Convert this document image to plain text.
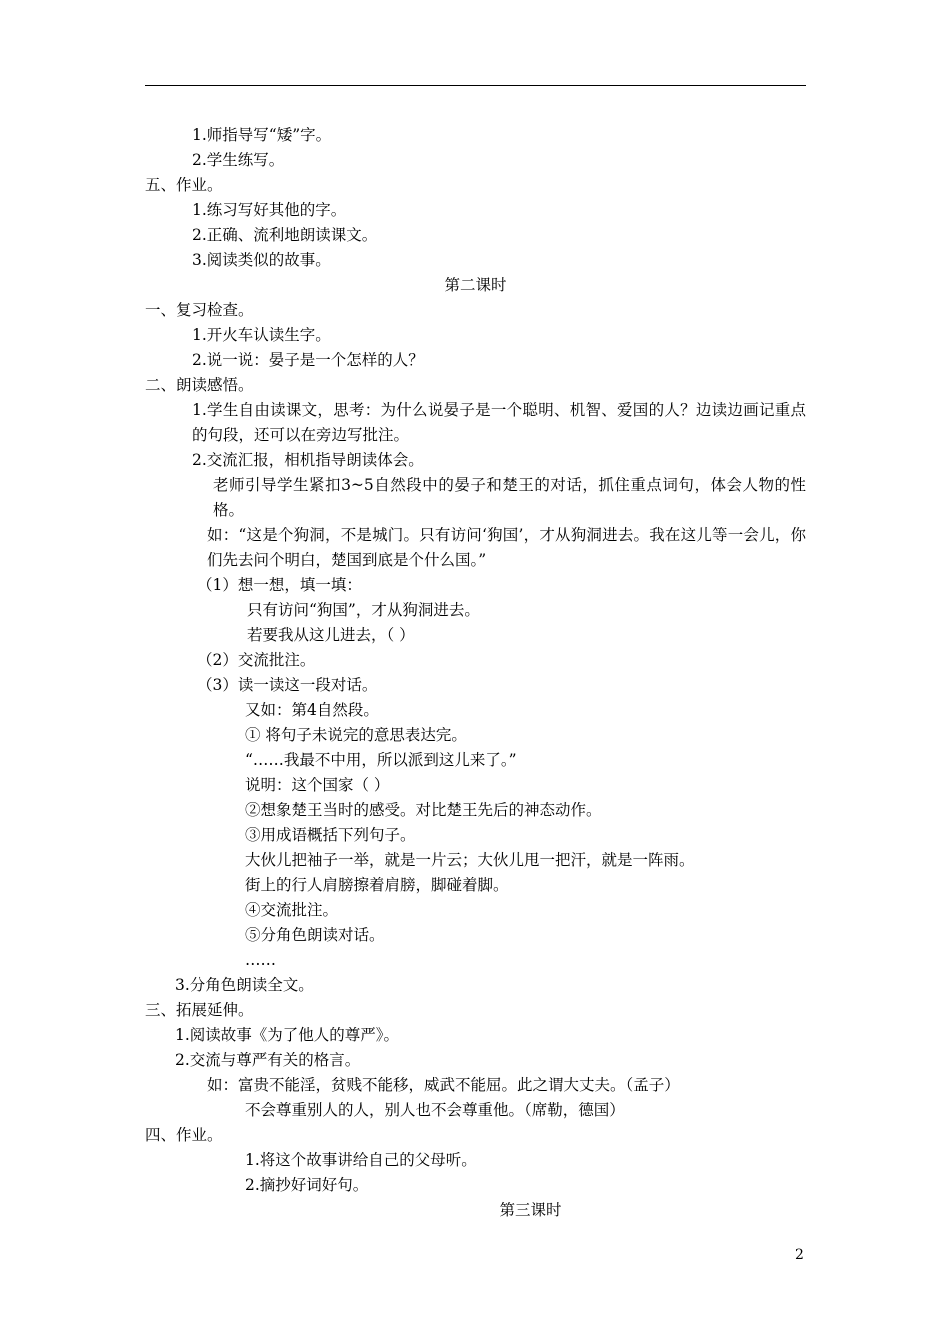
1.师指导写“矮”字。

2.学生练写。

五、作业。

1.练习写好其他的字。

2.正确、流利地朗读课文。

3.阅读类似的故事。

第二课时

一、复习检查。

1.开火车认读生字。

2.说一说：晏子是一个怎样的人？

二、朗读感悟。

1.学生自由读课文，思考：为什么说晏子是一个聪明、机智、爱国的人？边读边画记重点的句段，还可以在旁边写批注。

2.交流汇报，相机指导朗读体会。

老师引导学生紧扣3~5自然段中的晏子和楚王的对话，抓住重点词句，体会人物的性格。

如：“这是个狗洞，不是城门。只有访问‘狗国’，才从狗洞进去。我在这儿等一会儿，你们先去问个明白，楚国到底是个什么国。”

（1）想一想，填一填：

只有访问“狗国”，才从狗洞进去。

若要我从这儿进去，（ ）

（2）交流批注。

（3）读一读这一段对话。

又如：第4自然段。

① 将句子未说完的意思表达完。

“……我最不中用，所以派到这儿来了。”

说明：这个国家（ ）

②想象楚王当时的感受。对比楚王先后的神态动作。

③用成语概括下列句子。

大伙儿把袖子一举，就是一片云；大伙儿甩一把汗，就是一阵雨。

街上的行人肩膀擦着肩膀，脚碰着脚。

④交流批注。

⑤分角色朗读对话。

……

3.分角色朗读全文。

三、拓展延伸。

1.阅读故事《为了他人的尊严》。

2.交流与尊严有关的格言。

如：富贵不能淫，贫贱不能移，威武不能屈。此之谓大丈夫。（孟子）

不会尊重别人的人，别人也不会尊重他。（席勒，德国）

四、作业。

1.将这个故事讲给自己的父母听。

2.摘抄好词好句。

第三课时

2
